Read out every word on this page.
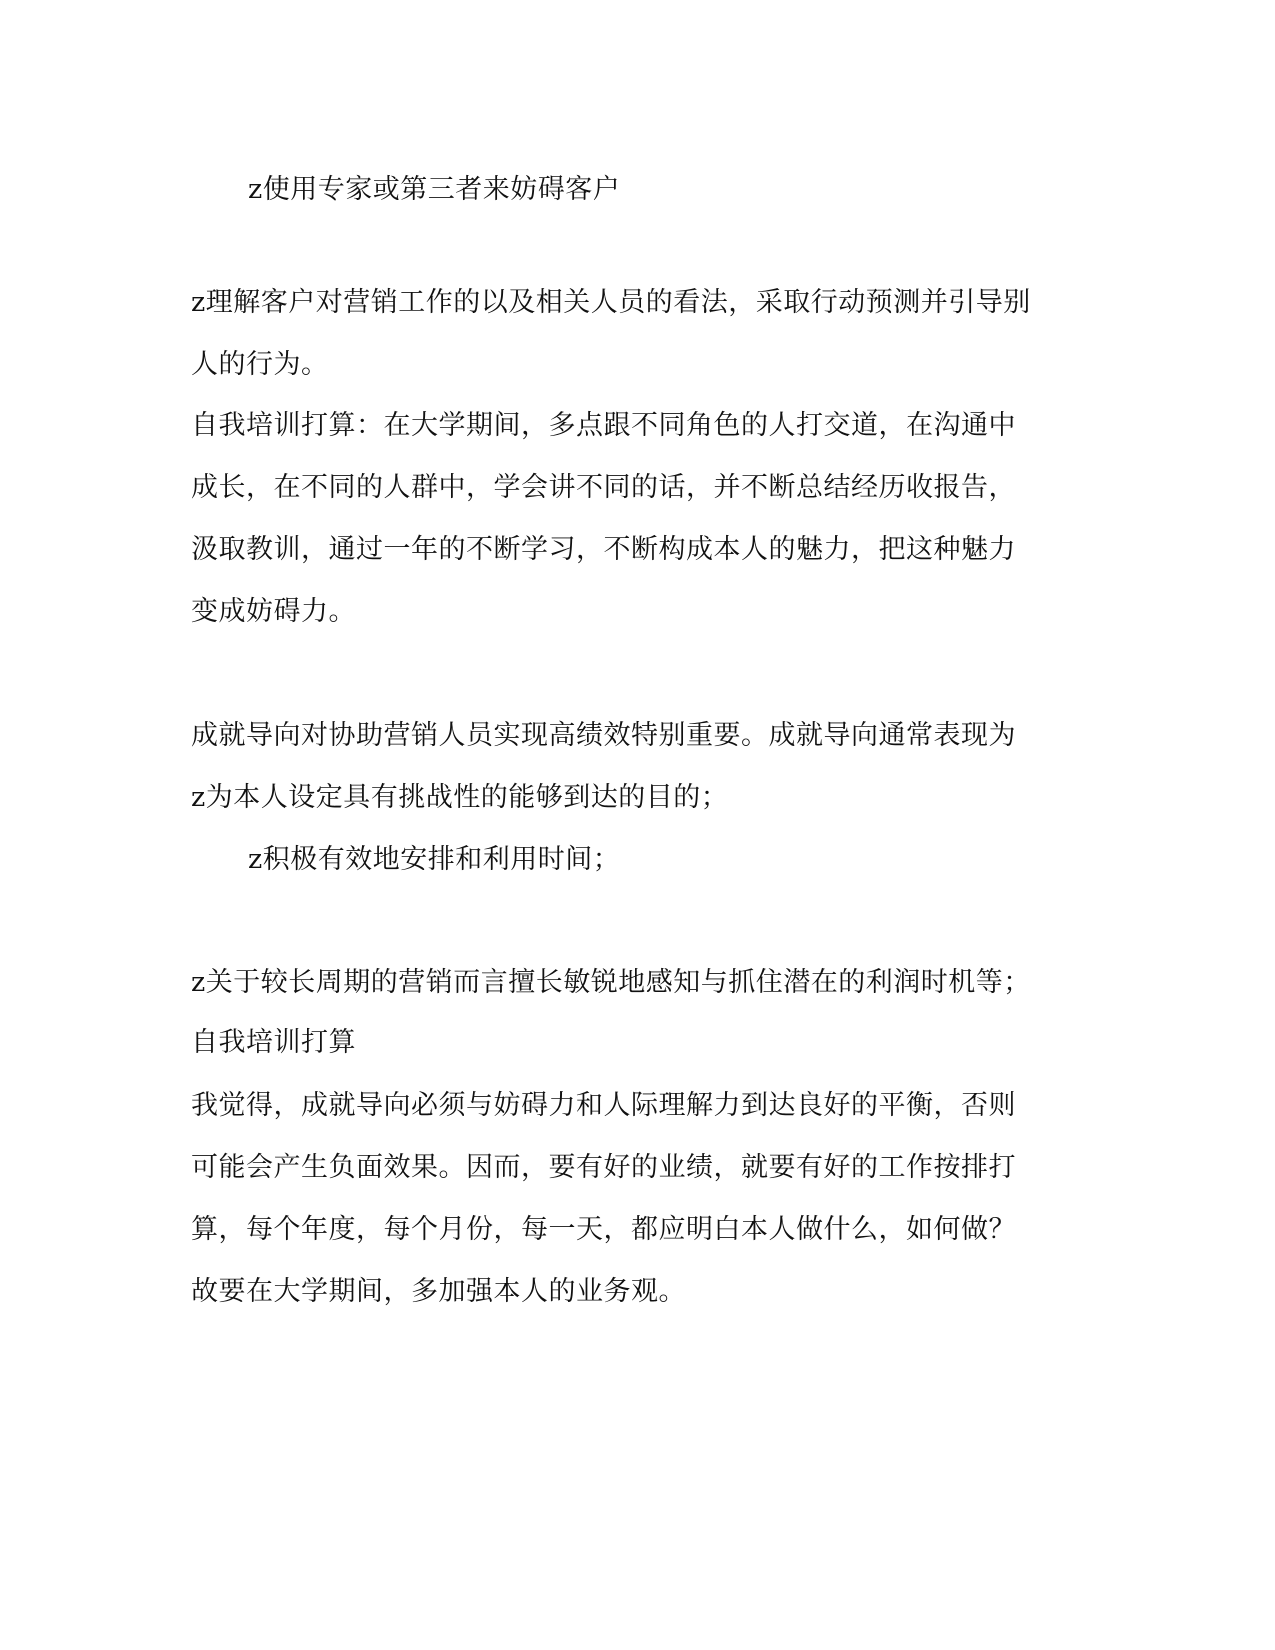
z使用专家或第三者来妨碍客户
z理解客户对营销工作的以及相关人员的看法，采取行动预测并引导别
人的行为。
自我培训打算：在大学期间，多点跟不同角色的人打交道，在沟通中
成长，在不同的人群中，学会讲不同的话，并不断总结经历收报告，
汲取教训，通过一年的不断学习，不断构成本人的魅力，把这种魅力
变成妨碍力。
成就导向对协助营销人员实现高绩效特别重要。成就导向通常表现为
z为本人设定具有挑战性的能够到达的目的；
z积极有效地安排和利用时间；
z关于较长周期的营销而言擅长敏锐地感知与抓住潜在的利润时机等；
自我培训打算
我觉得，成就导向必须与妨碍力和人际理解力到达良好的平衡，否则
可能会产生负面效果。因而，要有好的业绩，就要有好的工作按排打
算，每个年度，每个月份，每一天，都应明白本人做什么，如何做？
故要在大学期间，多加强本人的业务观。
